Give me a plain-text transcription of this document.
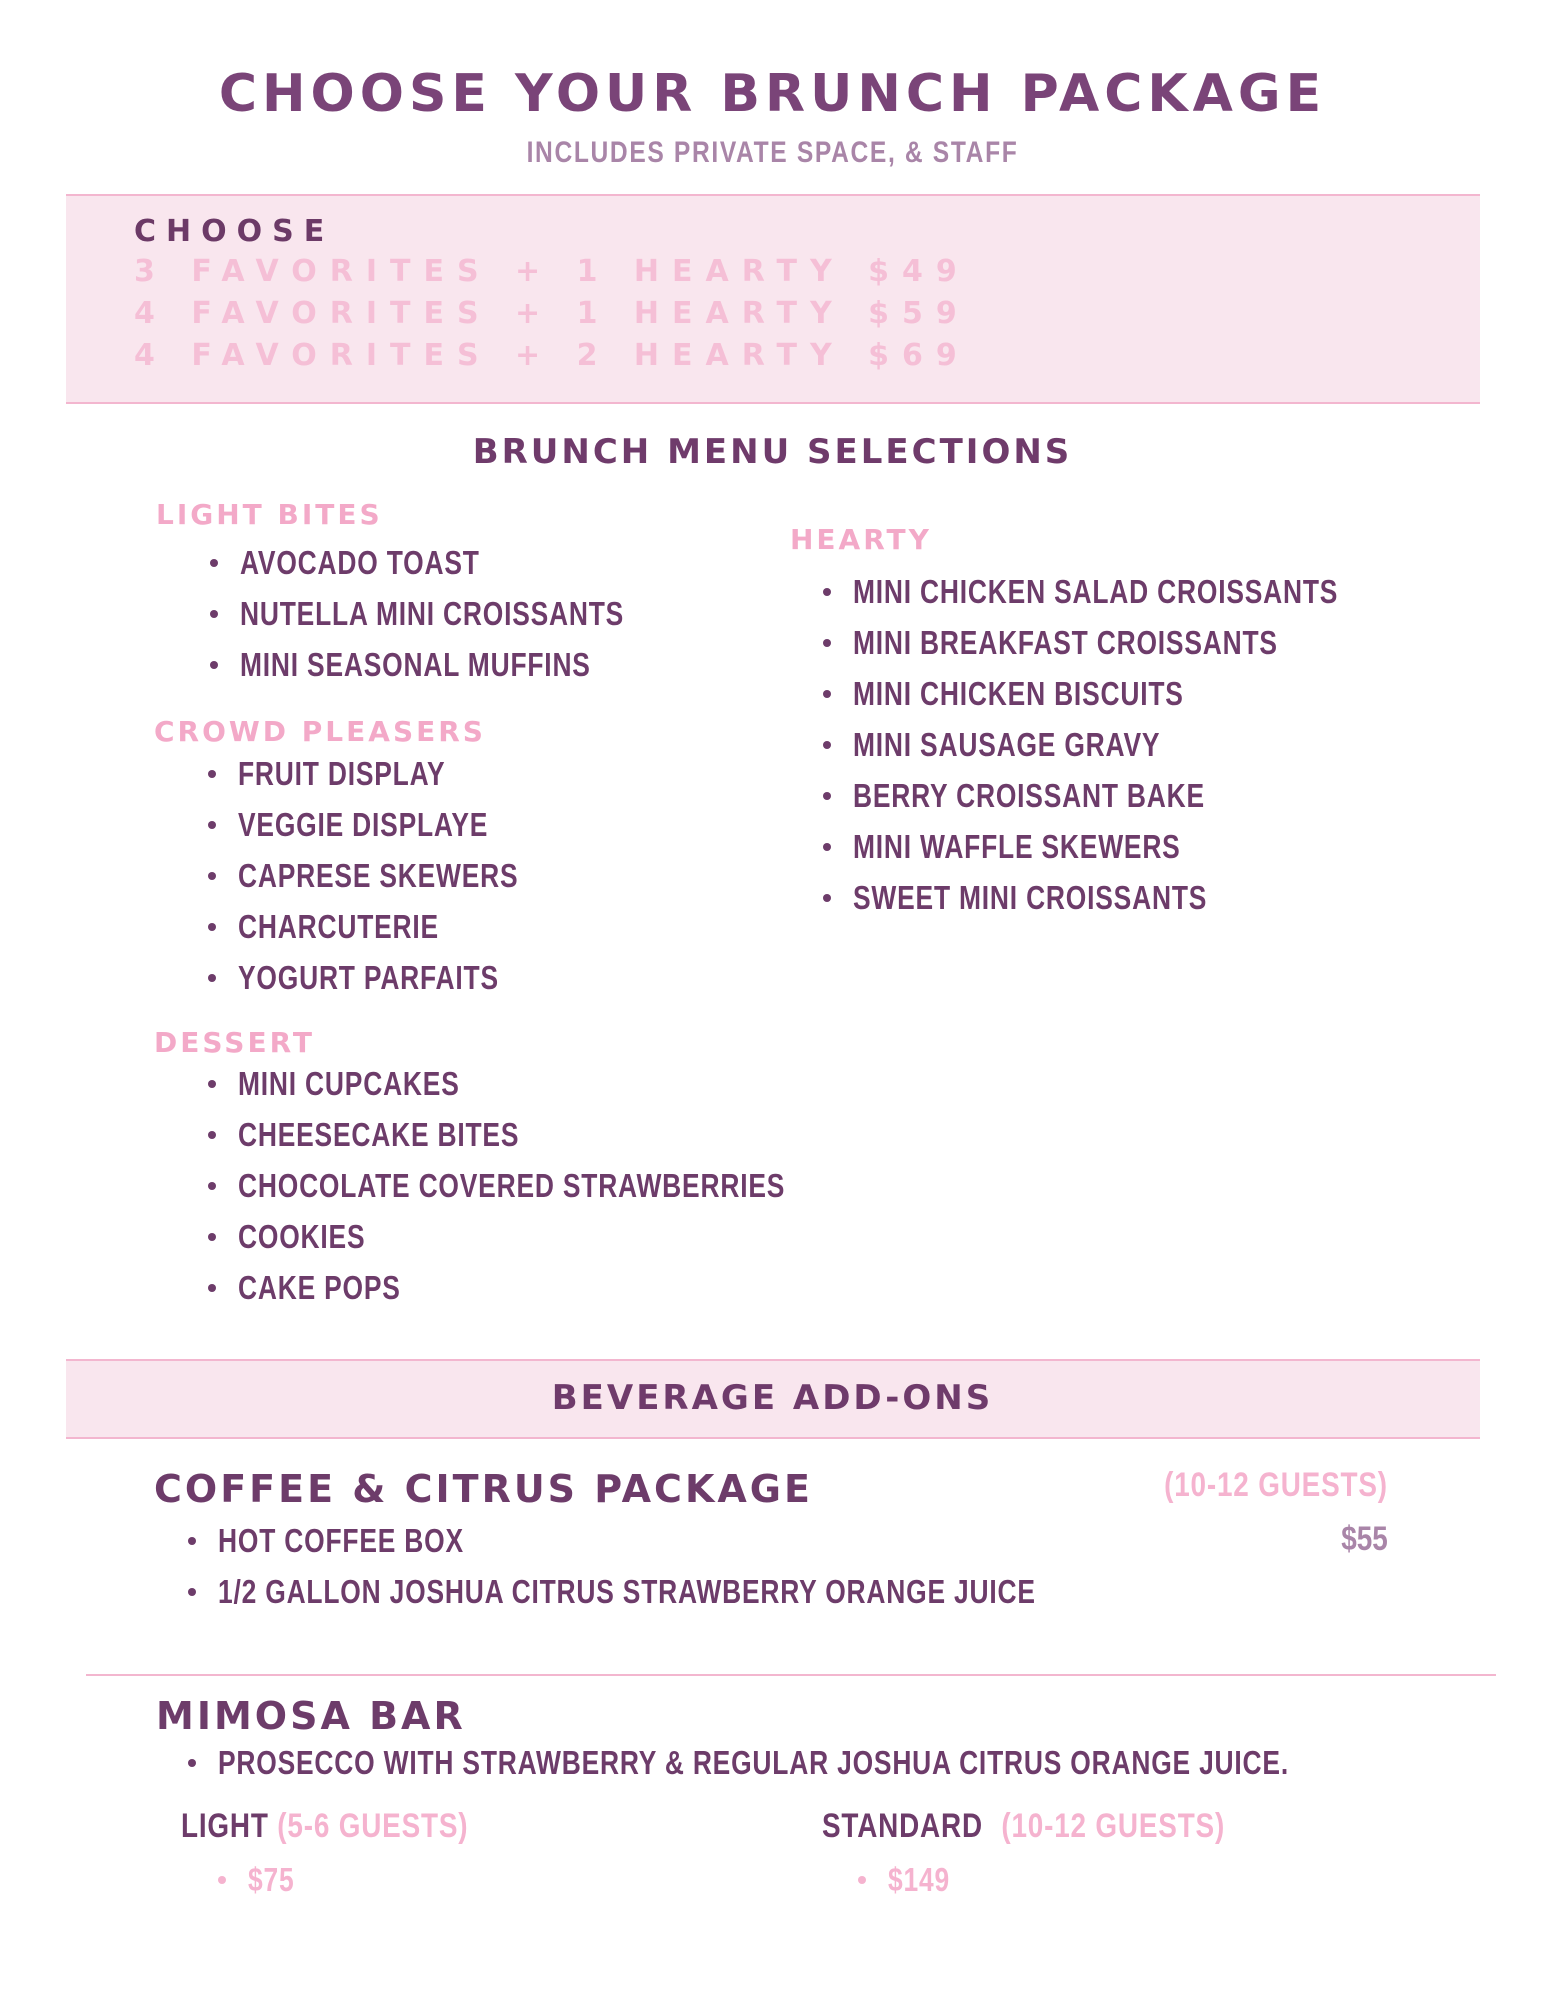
CHOOSE YOUR BRUNCH PACKAGE
INCLUDES PRIVATE SPACE, & STAFF
CHOOSE
3 FAVORITES + 1 HEARTY $49
4 FAVORITES + 1 HEARTY $59
4 FAVORITES + 2 HEARTY $69
BRUNCH MENU SELECTIONS
LIGHT BITES
AVOCADO TOAST
NUTELLA MINI CROISSANTS
MINI SEASONAL MUFFINS
CROWD PLEASERS
FRUIT DISPLAY
VEGGIE DISPLAYE
CAPRESE SKEWERS
CHARCUTERIE
YOGURT PARFAITS
DESSERT
MINI CUPCAKES
CHEESECAKE BITES
CHOCOLATE COVERED STRAWBERRIES
COOKIES
CAKE POPS
HEARTY
MINI CHICKEN SALAD CROISSANTS
MINI BREAKFAST CROISSANTS
MINI CHICKEN BISCUITS
MINI SAUSAGE GRAVY
BERRY CROISSANT BAKE
MINI WAFFLE SKEWERS
SWEET MINI CROISSANTS
BEVERAGE ADD-ONS
COFFEE & CITRUS PACKAGE	(10-12 GUESTS)
$55
HOT COFFEE BOX
1/2 GALLON JOSHUA CITRUS STRAWBERRY ORANGE JUICE
MIMOSA BAR
PROSECCO WITH STRAWBERRY & REGULAR JOSHUA CITRUS ORANGE JUICE.
LIGHT (5-6 GUESTS)
$75
STANDARD (10-12 GUESTS)
$149
